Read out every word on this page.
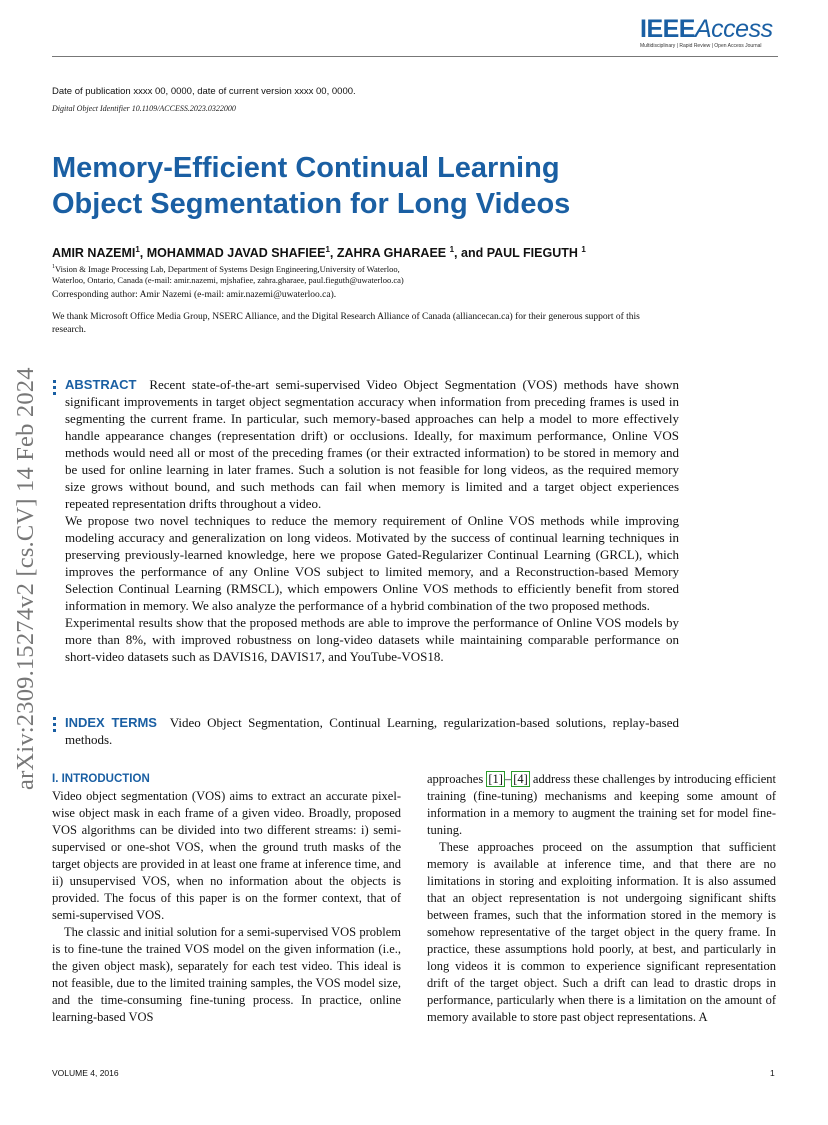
IEEEAccess
Multidisciplinary | Rapid Review | Open Access Journal
Date of publication xxxx 00, 0000, date of current version xxxx 00, 0000.
Digital Object Identifier 10.1109/ACCESS.2023.0322000
Memory-Efficient Continual Learning
Object Segmentation for Long Videos
AMIR NAZEMI$^1$, MOHAMMAD JAVAD SHAFIEE$^1$, ZAHRA GHARAEE $^1$, and PAUL FIEGUTH $^1$
$^1$Vision & Image Processing Lab, Department of Systems Design Engineering,University of Waterloo,
Waterloo, Ontario, Canada (e-mail: amir.nazemi, mjshafiee, zahra.gharaee, paul.fieguth@uwaterloo.ca)
Corresponding author: Amir Nazemi (e-mail: amir.nazemi@uwaterloo.ca).
We thank Microsoft Office Media Group, NSERC Alliance, and the Digital Research Alliance of Canada (alliancecan.ca) for their generous support of this research.
arXiv:2309.15274v2 [cs.CV] 14 Feb 2024 ABSTRACT Recent state-of-the-art semi-supervised Video Object Segmentation (VOS) methods have shown significant improvements in target object segmentation accuracy when information from preceding frames is used in segmenting the current frame. In particular, such memory-based approaches can help a model to more effectively handle appearance changes (representation drift) or occlusions. Ideally, for maximum performance, Online VOS methods would need all or most of the preceding frames (or their extracted information) to be stored in memory and be used for online learning in later frames. Such a solution is not feasible for long videos, as the required memory size grows without bound, and such methods can fail when memory is limited and a target object experiences repeated representation drifts throughout a video.

We propose two novel techniques to reduce the memory requirement of Online VOS methods while improving modeling accuracy and generalization on long videos. Motivated by the success of continual learning techniques in preserving previously-learned knowledge, here we propose Gated-Regularizer Continual Learning (GRCL), which improves the performance of any Online VOS subject to limited memory, and a Reconstruction-based Memory Selection Continual Learning (RMSCL), which empowers Online VOS methods to efficiently benefit from stored information in memory. We also analyze the performance of a hybrid combination of the two proposed methods.

Experimental results show that the proposed methods are able to improve the performance of Online VOS models by more than 8%, with improved robustness on long-video datasets while maintaining comparable performance on short-video datasets such as DAVIS16, DAVIS17, and YouTube-VOS18.

INDEX TERMS Video Object Segmentation, Continual Learning, regularization-based solutions, replay-based methods.
I. INTRODUCTION

Video object segmentation (VOS) aims to extract an accurate pixel-wise object mask in each frame of a given video. Broadly, proposed VOS algorithms can be divided into two different streams: i) semi-supervised or one-shot VOS, when the ground truth masks of the target objects are provided in at least one frame at inference time, and ii) unsupervised VOS, when no information about the objects is provided. The focus of this paper is on the former context, that of semi-supervised VOS.

The classic and initial solution for a semi-supervised VOS problem is to fine-tune the trained VOS model on the given information (i.e., the given object mask), separately for each test video. This ideal is not feasible, due to the limited training samples, the VOS model size, and the time-consuming fine-tuning process. In practice, online learning-based VOS

approaches [1] – [4] address these challenges by introducing efficient training (fine-tuning) mechanisms and keeping some amount of information in a memory to augment the training set for model fine-tuning.

These approaches proceed on the assumption that sufficient memory is available at inference time, and that there are no limitations in storing and exploiting information. It is also assumed that an object representation is not undergoing significant shifts between frames, such that the information stored in the memory is somehow representative of the target object in the query frame. In practice, these assumptions hold poorly, at best, and particularly in long videos it is common to experience significant representation drift of the target object. Such a drift can lead to drastic drops in performance, particularly when there is a limitation on the amount of memory available to store past object representations. A

VOLUME 4, 2016	1
